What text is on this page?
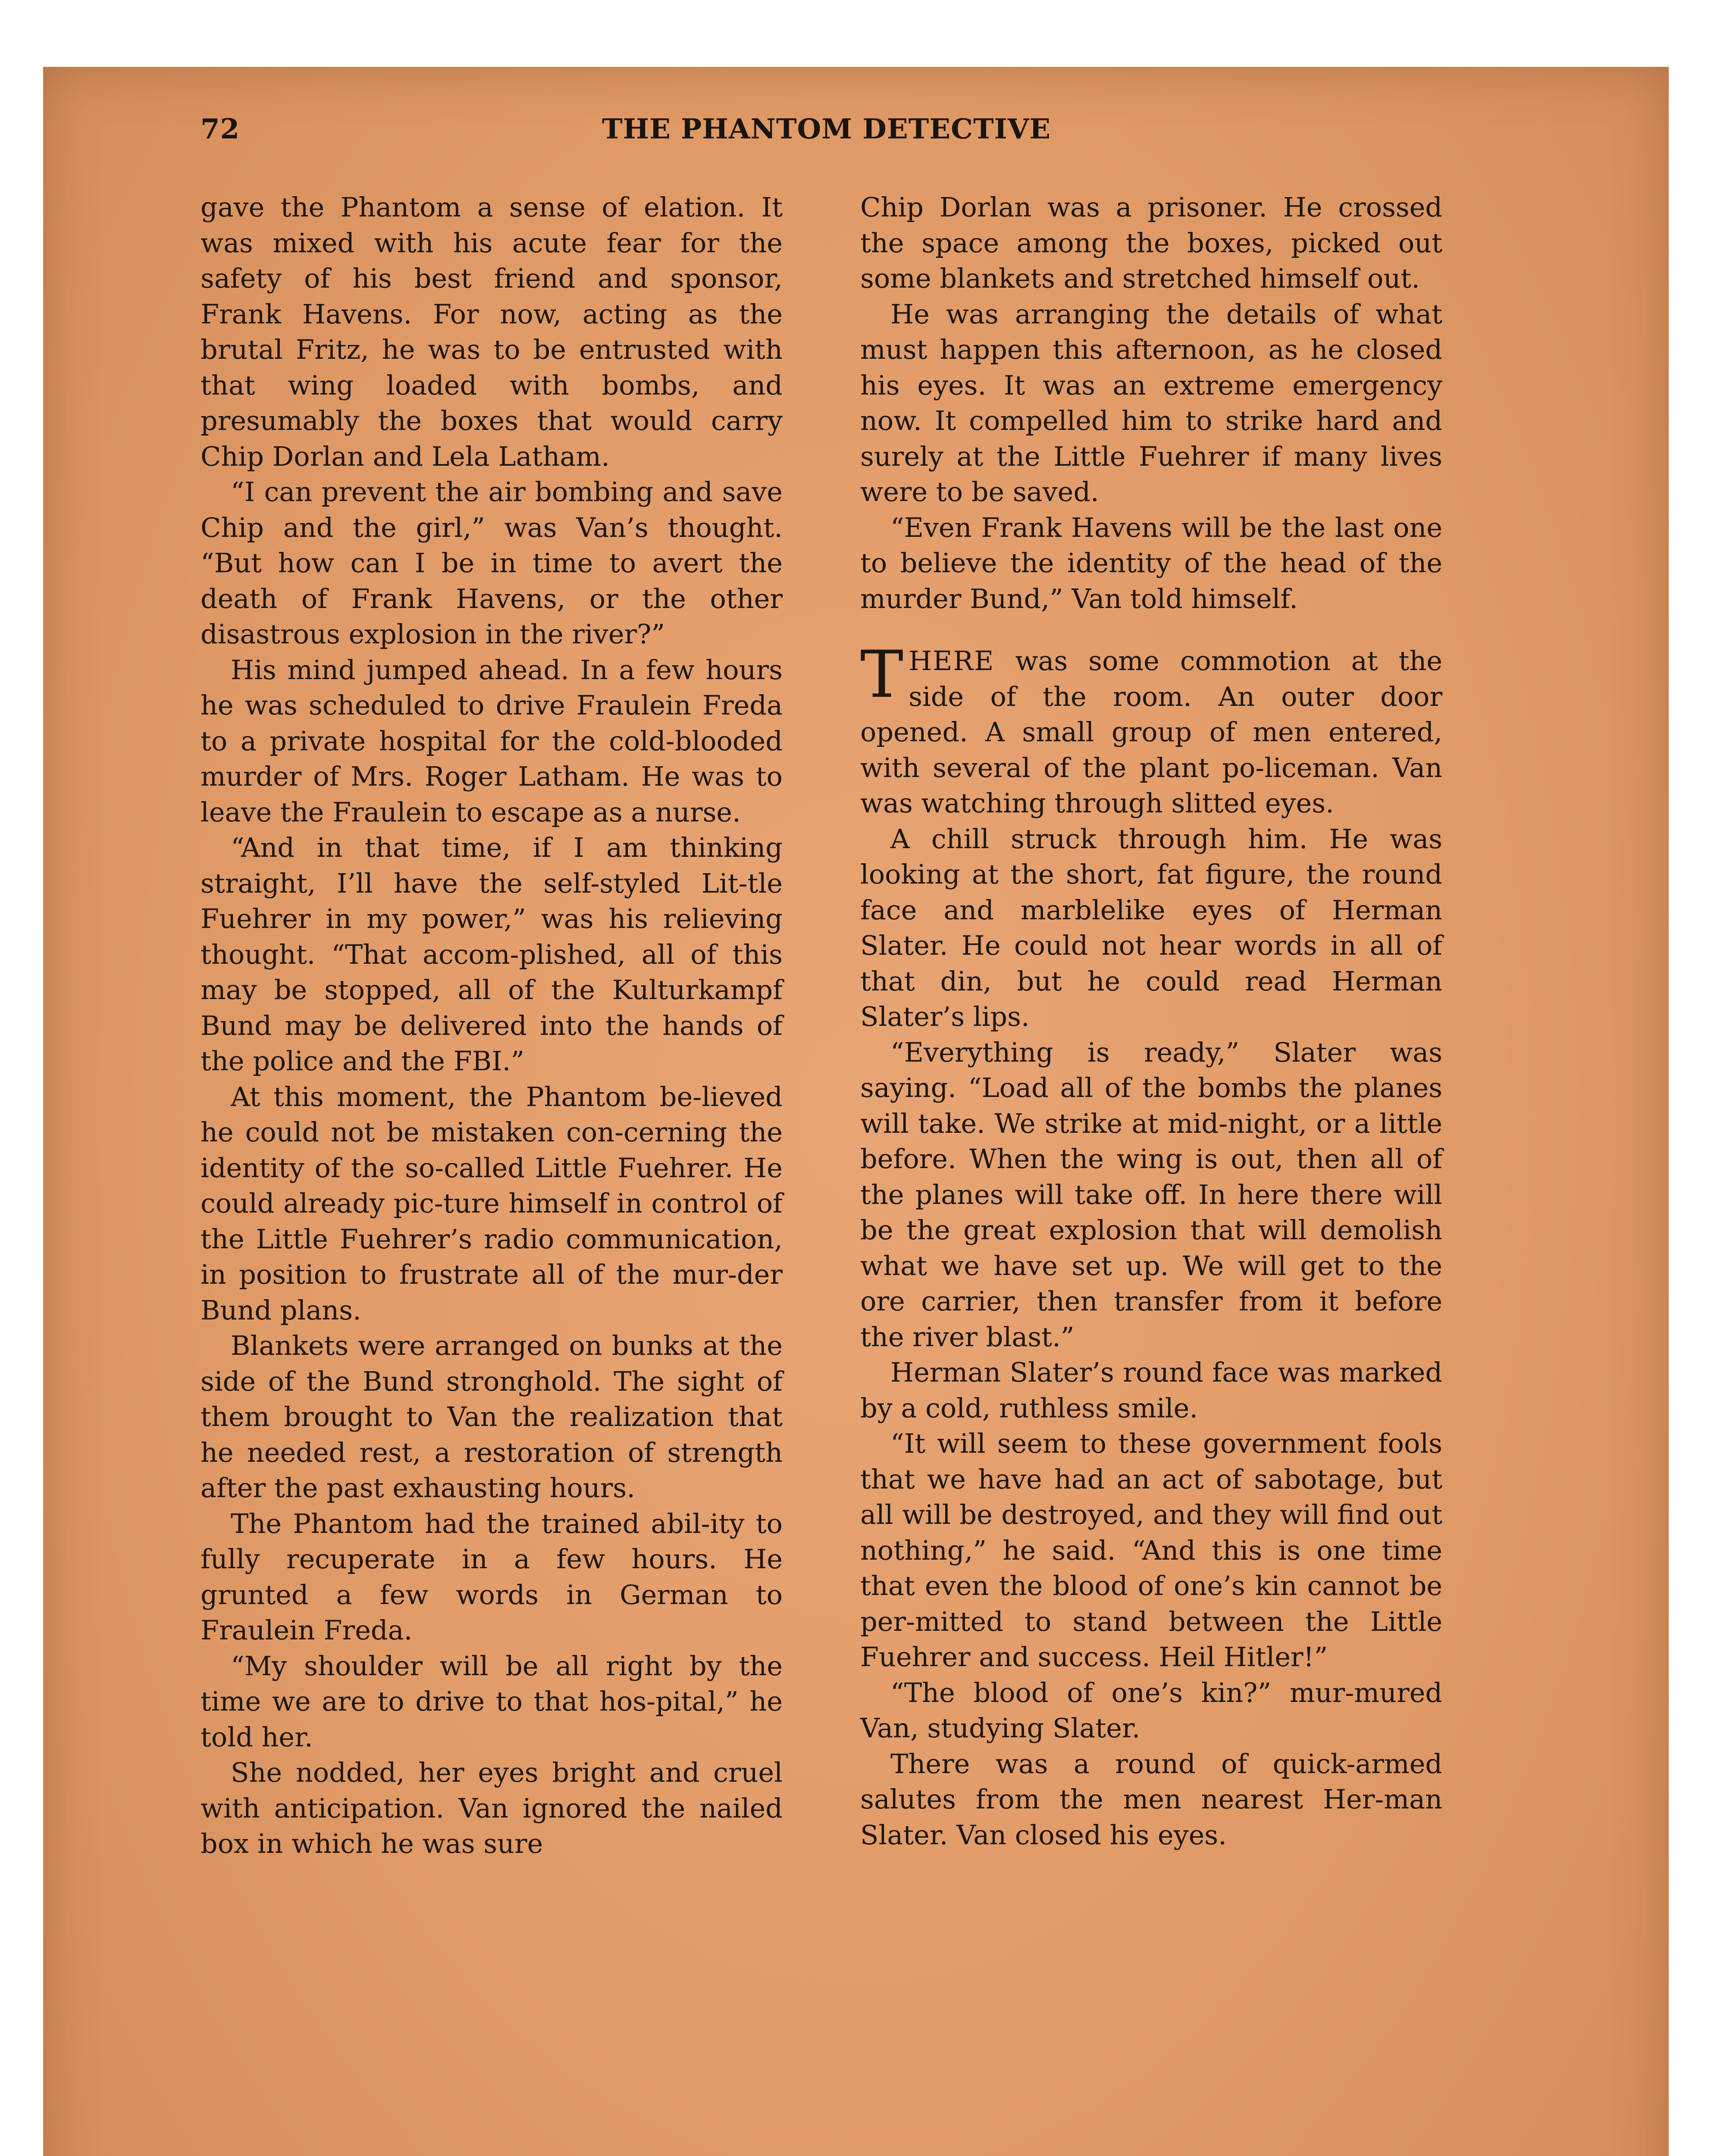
72	THE PHANTOM DETECTIVE

gave the Phantom a sense of elation. It was mixed with his acute fear for the safety of his best friend and sponsor, Frank Havens. For now, acting as the brutal Fritz, he was to be entrusted with that wing loaded with bombs, and presumably the boxes that would carry Chip Dorlan and Lela Latham.

“I can prevent the air bombing and save Chip and the girl,” was Van’s thought. “But how can I be in time to avert the death of Frank Havens, or the other disastrous explosion in the river?”

His mind jumped ahead. In a few hours he was scheduled to drive Fraulein Freda to a private hospital for the cold-blooded murder of Mrs. Roger Latham. He was to leave the Fraulein to escape as a nurse.

“And in that time, if I am thinking straight, I’ll have the self-styled Lit-tle Fuehrer in my power,” was his relieving thought. “That accom-plished, all of this may be stopped, all of the Kulturkampf Bund may be delivered into the hands of the police and the FBI.”

At this moment, the Phantom be-lieved he could not be mistaken con-cerning the identity of the so-called Little Fuehrer. He could already pic-ture himself in control of the Little Fuehrer’s radio communication, in position to frustrate all of the mur-der Bund plans.

Blankets were arranged on bunks at the side of the Bund stronghold. The sight of them brought to Van the realization that he needed rest, a restoration of strength after the past exhausting hours.

The Phantom had the trained abil-ity to fully recuperate in a few hours. He grunted a few words in German to Fraulein Freda.

“My shoulder will be all right by the time we are to drive to that hos-pital,” he told her.

She nodded, her eyes bright and cruel with anticipation. Van ignored the nailed box in which he was sure

Chip Dorlan was a prisoner. He crossed the space among the boxes, picked out some blankets and stretched himself out.

He was arranging the details of what must happen this afternoon, as he closed his eyes. It was an extreme emergency now. It compelled him to strike hard and surely at the Little Fuehrer if many lives were to be saved.

“Even Frank Havens will be the last one to believe the identity of the head of the murder Bund,” Van told himself.

THERE was some commotion at the side of the room. An outer door opened. A small group of men entered, with several of the plant po-liceman. Van was watching through slitted eyes.

A chill struck through him. He was looking at the short, fat figure, the round face and marblelike eyes of Herman Slater. He could not hear words in all of that din, but he could read Herman Slater’s lips.

“Everything is ready,” Slater was saying. “Load all of the bombs the planes will take. We strike at mid-night, or a little before. When the wing is out, then all of the planes will take off. In here there will be the great explosion that will demolish what we have set up. We will get to the ore carrier, then transfer from it before the river blast.”

Herman Slater’s round face was marked by a cold, ruthless smile.

“It will seem to these government fools that we have had an act of sabotage, but all will be destroyed, and they will find out nothing,” he said. “And this is one time that even the blood of one’s kin cannot be per-mitted to stand between the Little Fuehrer and success. Heil Hitler!”

“The blood of one’s kin?” mur-mured Van, studying Slater.

There was a round of quick-armed salutes from the men nearest Her-man Slater. Van closed his eyes.
